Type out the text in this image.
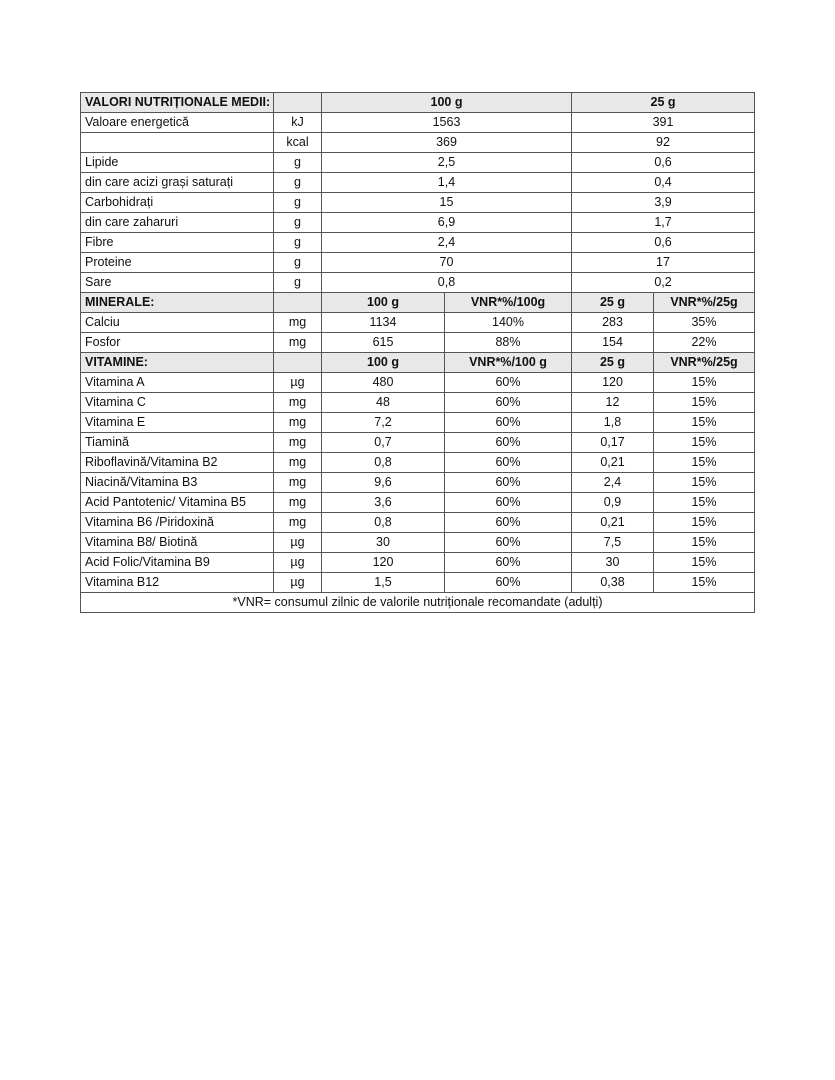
VALORI NUTRIȚIONALE MEDII:		100 g		25 g	
Valoare energetică	kJ	1563		391	
	kcal	369		92	
Lipide	g	2,5		0,6	
din care acizi grași saturați	g	1,4		0,4	
Carbohidrați	g	15		3,9	
din care zaharuri	g	6,9		1,7	
Fibre	g	2,4		0,6	
Proteine	g	70		17	
Sare	g	0,8		0,2	
MINERALE:		100 g	VNR*%/100g	25 g	VNR*%/25g
Calciu	mg	1134	140%	283	35%
Fosfor	mg	615	88%	154	22%
VITAMINE:		100 g	VNR*%/100 g	25 g	VNR*%/25g
Vitamina A	µg	480	60%	120	15%
Vitamina C	mg	48	60%	12	15%
Vitamina E	mg	7,2	60%	1,8	15%
Tiamină	mg	0,7	60%	0,17	15%
Riboflavină/Vitamina B2	mg	0,8	60%	0,21	15%
Niacină/Vitamina B3	mg	9,6	60%	2,4	15%
Acid Pantotenic/ Vitamina B5	mg	3,6	60%	0,9	15%
Vitamina B6 /Piridoxină	mg	0,8	60%	0,21	15%
Vitamina B8/ Biotină	µg	30	60%	7,5	15%
Acid Folic/Vitamina B9	µg	120	60%	30	15%
Vitamina B12	µg	1,5	60%	0,38	15%
*VNR= consumul zilnic de valorile nutriționale recomandate (adulți)					
